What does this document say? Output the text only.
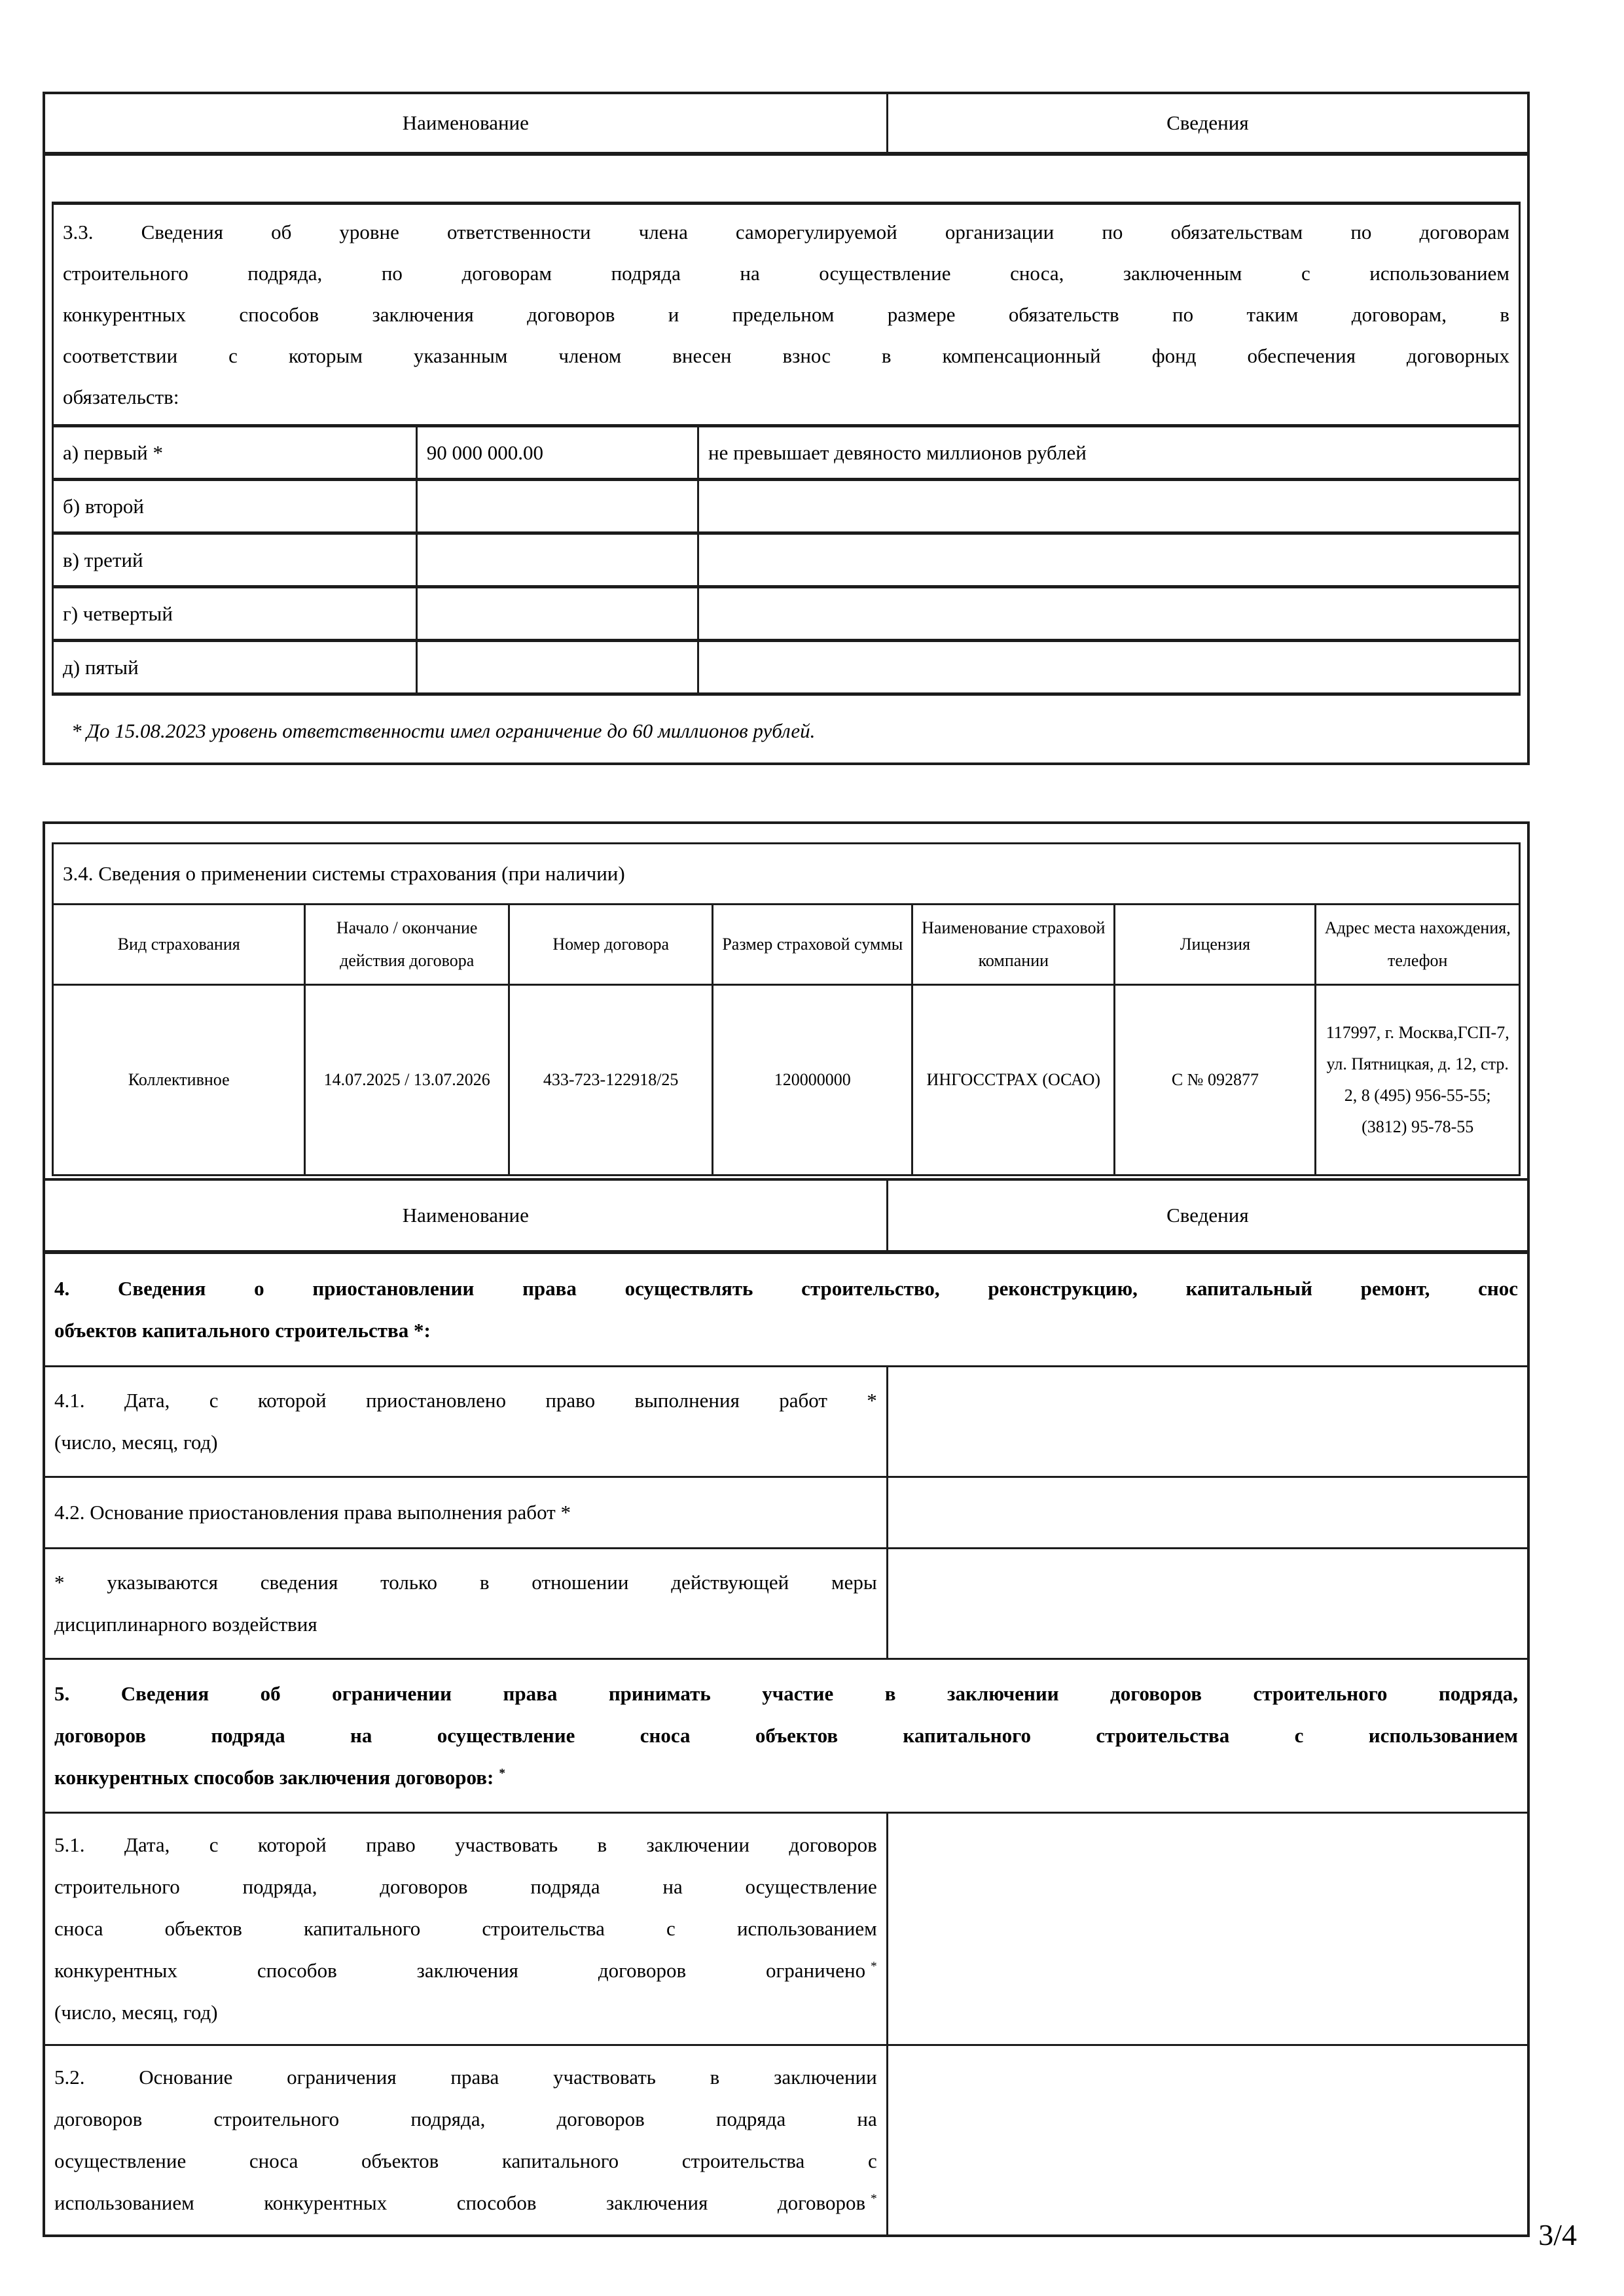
Наименование	Сведения

3.3. Сведения об уровне ответственности члена саморегулируемой организации по обязательствам по договорам
строительного подряда, по договорам подряда на осуществление сноса, заключенным с использованием
конкурентных способов заключения договоров и предельном размере обязательств по таким договорам, в
соответствии с которым указанным членом внесен взнос в компенсационный фонд обеспечения договорных
обязательств:

а) первый *	90 000 000.00	не превышает девяносто миллионов рублей
б) второй		
в) третий		
г) четвертый		
д) пятый		
* До 15.08.2023 уровень ответственности имел ограничение до 60 миллионов рублей.
3.4. Сведения о применении системы страхования (при наличии)
Вид страхования	Начало / окончание действия договора	Номер договора	Размер страховой суммы	Наименование страховой компании	Лицензия	Адрес места нахождения, телефон
Коллективное	14.07.2025 / 13.07.2026	433-723-122918/25	120000000	ИНГОССТРАХ (ОСАО)	С № 092877	117997, г. Москва,ГСП-7, ул. Пятницкая, д. 12, стр. 2, 8 (495) 956-55-55; (3812) 95-78-55
Наименование	Сведения

4. Сведения о приостановлении права осуществлять строительство, реконструкцию, капитальный ремонт, снос
объектов капитального строительства *:	

4.1. Дата, с которой приостановлено право выполнения работ *
(число, месяц, год)	

4.2. Основание приостановления права выполнения работ *	

* указываются сведения только в отношении действующей меры
дисциплинарного воздействия	

5. Сведения об ограничении права принимать участие в заключении договоров строительного подряда,
договоров подряда на осуществление сноса объектов капитального строительства с использованием
конкурентных способов заключения договоров: *

5.1. Дата, с которой право участвовать в заключении договоров
строительного подряда, договоров подряда на осуществление
сноса объектов капитального строительства с использованием
конкурентных способов заключения договоров ограничено *
(число, месяц, год)	

5.2. Основание ограничения права участвовать в заключении
договоров строительного подряда, договоров подряда на
осуществление сноса объектов капитального строительства с
использованием конкурентных способов заключения договоров *

3/4
